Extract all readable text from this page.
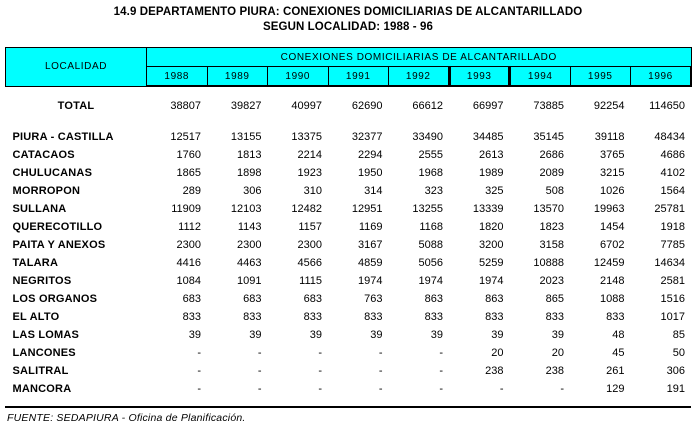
14.9 DEPARTAMENTO PIURA: CONEXIONES DOMICILIARIAS DE ALCANTARILLADO
SEGUN LOCALIDAD: 1988 - 96
LOCALIDAD	CONEXIONES DOMICILIARIAS DE ALCANTARILLADO								
	1988	1989	1990	1991	1992	1993	1994	1995	1996

TOTAL	38807	39827	40997	62690	66612	66997	73885	92254	114650

PIURA - CASTILLA	12517	13155	13375	32377	33490	34485	35145	39118	48434
CATACAOS	1760	1813	2214	2294	2555	2613	2686	3765	4686
CHULUCANAS	1865	1898	1923	1950	1968	1989	2089	3215	4102
MORROPON	289	306	310	314	323	325	508	1026	1564
SULLANA	11909	12103	12482	12951	13255	13339	13570	19963	25781
QUERECOTILLO	1112	1143	1157	1169	1168	1820	1823	1454	1918
PAITA Y ANEXOS	2300	2300	2300	3167	5088	3200	3158	6702	7785
TALARA	4416	4463	4566	4859	5056	5259	10888	12459	14634
NEGRITOS	1084	1091	1115	1974	1974	1974	2023	2148	2581
LOS ORGANOS	683	683	683	763	863	863	865	1088	1516
EL ALTO	833	833	833	833	833	833	833	833	1017
LAS LOMAS	39	39	39	39	39	39	39	48	85
LANCONES	-	-	-	-	-	20	20	45	50
SALITRAL	-	-	-	-	-	238	238	261	306
MANCORA	-	-	-	-	-	-	-	129	191
FUENTE: SEDAPIURA - Oficina de Planificación.
